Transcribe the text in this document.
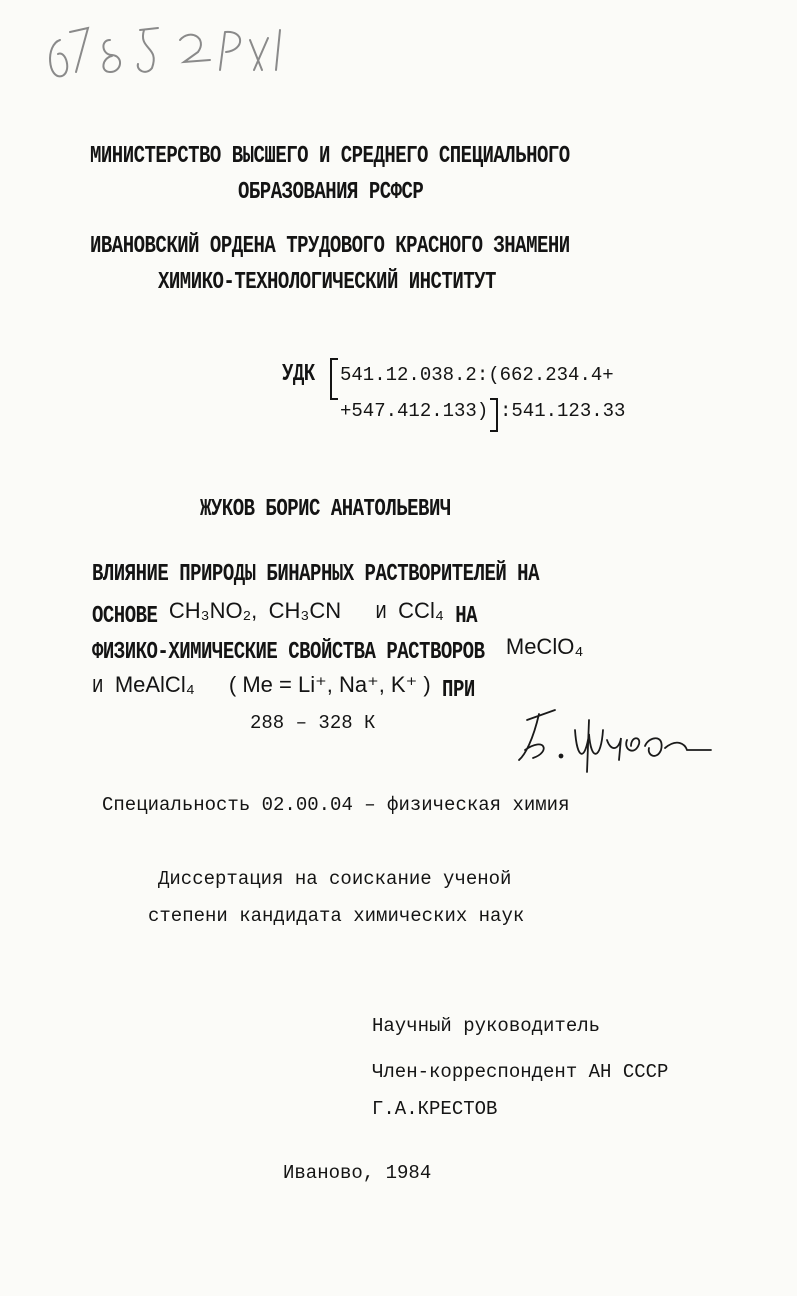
МИНИСТЕРСТВО ВЫСШЕГО И СРЕДНЕГО СПЕЦИАЛЬНОГО
ОБРАЗОВАНИЯ РСФСР
ИВАНОВСКИЙ ОРДЕНА ТРУДОВОГО КРАСНОГО ЗНАМЕНИ
ХИМИКО-ТЕХНОЛОГИЧЕСКИЙ ИНСТИТУТ
УДК 541.12.038.2:(662.234.4+
+547.412.133) :541.123.33
ЖУКОВ БОРИС АНАТОЛЬЕВИЧ
ВЛИЯНИЕ ПРИРОДЫ БИНАРНЫХ РАСТВОРИТЕЛЕЙ НА
ОСНОВЕ CH₃NO₂, CH₃CN И CCl₄ НА
ФИЗИКО-ХИМИЧЕСКИЕ СВОЙСТВА РАСТВОРОВ MeClO₄
И MeAlCl₄ ( Me = Li⁺, Na⁺, K⁺ ) ПРИ
288 – 328 К
Специальность 02.00.04 – физическая химия
Диссертация на соискание ученой
степени кандидата химических наук
Научный руководитель
Член-корреспондент АН СССР
Г.А.КРЕСТОВ
Иваново, 1984
